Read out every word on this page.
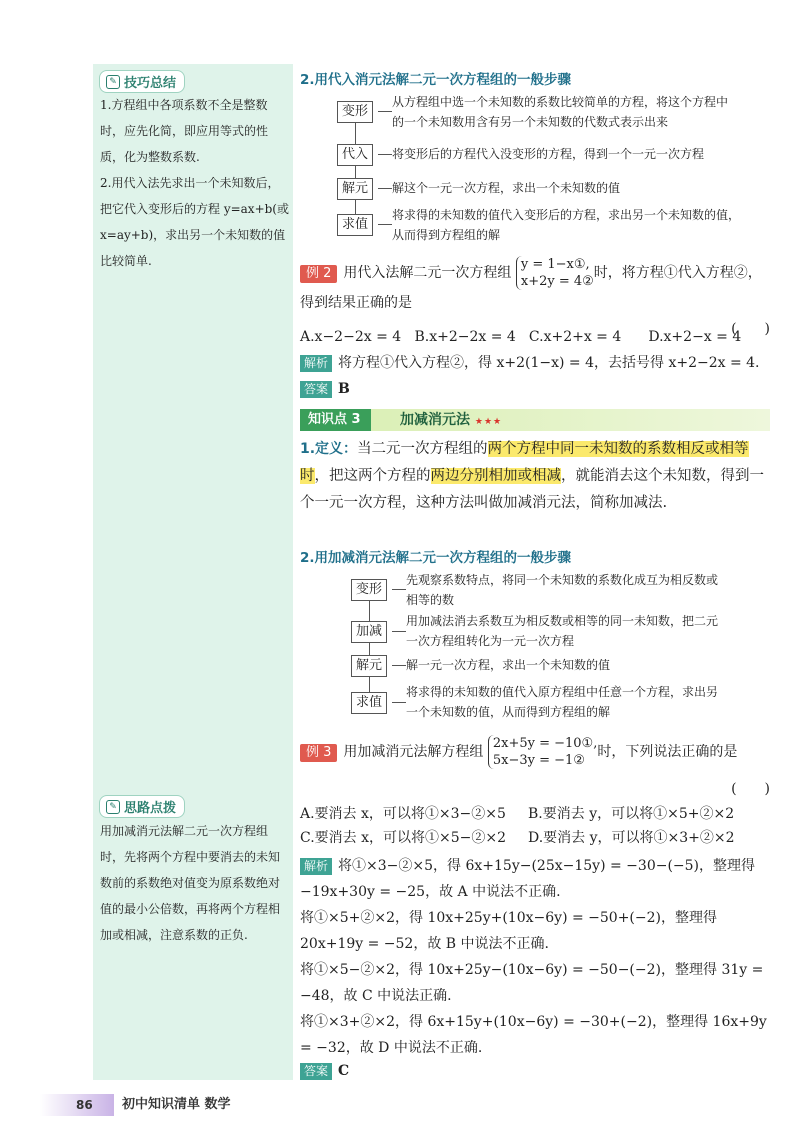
✎ 技巧总结

1.方程组中各项系数不全是整数时，应先化简，即应用等式的性质，化为整数系数.

2.用代入法先求出一个未知数后，把它代入变形后的方程 y=ax+b(或 x=ay+b)，求出另一个未知数的值比较简单.

✎ 思路点拨

用加减消元法解二元一次方程组时，先将两个方程中要消去的未知数前的系数绝对值变为原系数绝对值的最小公倍数，再将两个方程相加或相减，注意系数的正负.

2.用代入消元法解二元一次方程组的一般步骤
变形
从方程组中选一个未知数的系数比较简单的方程，将这个方程中的一个未知数用含有另一个未知数的代数式表示出来
代入	将变形后的方程代入没变形的方程，得到一个一元一次方程
解元	解这个一元一次方程，求出一个未知数的值
求值
将求得的未知数的值代入变形后的方程，求出另一个未知数的值，从而得到方程组的解
例 2 用代入法解二元一次方程组 y = 1−x①,
x+2y = 4②时，将方程①代入方程②，得到结果正确的是
(　　)
A.x−2−2x = 4 B.x+2−2x = 4 C.x+2+x = 4 D.x+2−x = 4
解析 将方程①代入方程②，得 x+2(1−x) = 4，去括号得 x+2−2x = 4.
答案 B
知识点 3	加减消元法 ★★★
1.定义：当二元一次方程组的两个方程中同一未知数的系数相反或相等时，把这两个方程的两边分别相加或相减，就能消去这个未知数，得到一个一元一次方程，这种方法叫做加减消元法，简称加减法.
2.用加减消元法解二元一次方程组的一般步骤
变形
先观察系数特点，将同一个未知数的系数化成互为相反数或相等的数
加减
用加减法消去系数互为相反数或相等的同一未知数，把二元一次方程组转化为一元一次方程
解元	解一元一次方程，求出一个未知数的值
求值
将求得的未知数的值代入原方程组中任意一个方程，求出另一个未知数的值，从而得到方程组的解
例 3 用加减消元法解方程组 2x+5y = −10①,
5x−3y = −1②时，下列说法正确的是
(　　)
A.要消去 x，可以将①×3−②×5 B.要消去 y，可以将①×5+②×2
C.要消去 x，可以将①×5−②×2 D.要消去 y，可以将①×3+②×2
解析 将①×3−②×5，得 6x+15y−(25x−15y) = −30−(−5)，整理得 −19x+30y = −25，故 A 中说法不正确.
将①×5+②×2，得 10x+25y+(10x−6y) = −50+(−2)，整理得 20x+19y = −52，故 B 中说法不正确.
将①×5−②×2，得 10x+25y−(10x−6y) = −50−(−2)，整理得 31y = −48，故 C 中说法正确.
将①×3+②×2，得 6x+15y+(10x−6y) = −30+(−2)，整理得 16x+9y = −32，故 D 中说法不正确.
答案 C
86 初中知识清单 数学
